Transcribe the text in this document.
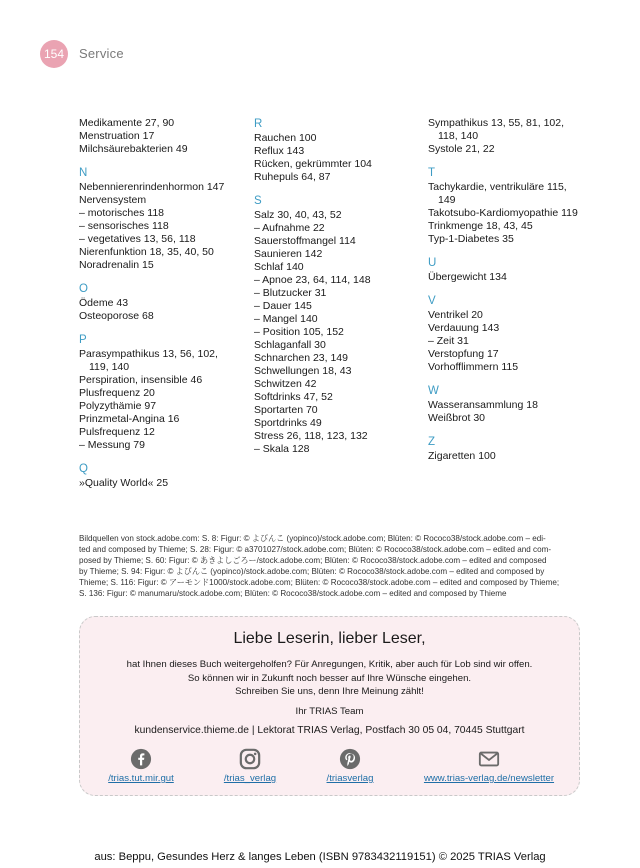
154	Service
Medikamente 27, 90
Menstruation 17
Milchsäurebakterien 49
N
Nebennierenrindenhormon 147
Nervensystem
– motorisches 118
– sensorisches 118
– vegetatives 13, 56, 118
Nierenfunktion 18, 35, 40, 50
Noradrenalin 15
O
Ödeme 43
Osteoporose 68
P
Parasympathikus 13, 56, 102,
119, 140
Perspiration, insensible 46
Plusfrequenz 20
Polyzythämie 97
Prinzmetal-Angina 16
Pulsfrequenz 12
– Messung 79
Q
»Quality World« 25
R
Rauchen 100
Reflux 143
Rücken, gekrümmter 104
Ruhepuls 64, 87
S
Salz 30, 40, 43, 52
– Aufnahme 22
Sauerstoffmangel 114
Saunieren 142
Schlaf 140
– Apnoe 23, 64, 114, 148
– Blutzucker 31
– Dauer 145
– Mangel 140
– Position 105, 152
Schlaganfall 30
Schnarchen 23, 149
Schwellungen 18, 43
Schwitzen 42
Softdrinks 47, 52
Sportarten 70
Sportdrinks 49
Stress 26, 118, 123, 132
– Skala 128
Sympathikus 13, 55, 81, 102,
118, 140
Systole 21, 22
T
Tachykardie, ventrikuläre 115,
149
Takotsubo-Kardiomyopathie 119
Trinkmenge 18, 43, 45
Typ-1-Diabetes 35
U
Übergewicht 134
V
Ventrikel 20
Verdauung 143
– Zeit 31
Verstopfung 17
Vorhofflimmern 115
W
Wasseransammlung 18
Weißbrot 30
Z
Zigaretten 100
Bildquellen von stock.adobe.com: S. 8: Figur: © よびんこ (yopinco)/stock.adobe.com; Blüten: © Rococo38/stock.adobe.com – edi-
ted and composed by Thieme; S. 28: Figur: © a3701027/stock.adobe.com; Blüten: © Rococo38/stock.adobe.com – edited and com-
posed by Thieme; S. 60: Figur: © あきよしごろー/stock.adobe.com; Blüten: © Rococo38/stock.adobe.com – edited and composed
by Thieme; S. 94: Figur: © よびんこ (yopinco)/stock.adobe.com; Blüten: © Rococo38/stock.adobe.com – edited and composed by
Thieme; S. 116: Figur: © アーモンド1000/stock.adobe.com; Blüten: © Rococo38/stock.adobe.com – edited and composed by Thieme;
S. 136: Figur: © manumaru/stock.adobe.com; Blüten: © Rococo38/stock.adobe.com – edited and composed by Thieme
Liebe Leserin, lieber Leser,
hat Ihnen dieses Buch weitergeholfen? Für Anregungen, Kritik, aber auch für Lob sind wir offen.
So können wir in Zukunft noch besser auf Ihre Wünsche eingehen.
Schreiben Sie uns, denn Ihre Meinung zählt!
Ihr TRIAS Team
kundenservice.thieme.de | Lektorat TRIAS Verlag, Postfach 30 05 04, 70445 Stuttgart
/trias.tut.mir.gut	/trias_verlag	/triasverlag	www.trias-verlag.de/newsletter
aus: Beppu, Gesundes Herz & langes Leben (ISBN 9783432119151) © 2025 TRIAS Verlag
